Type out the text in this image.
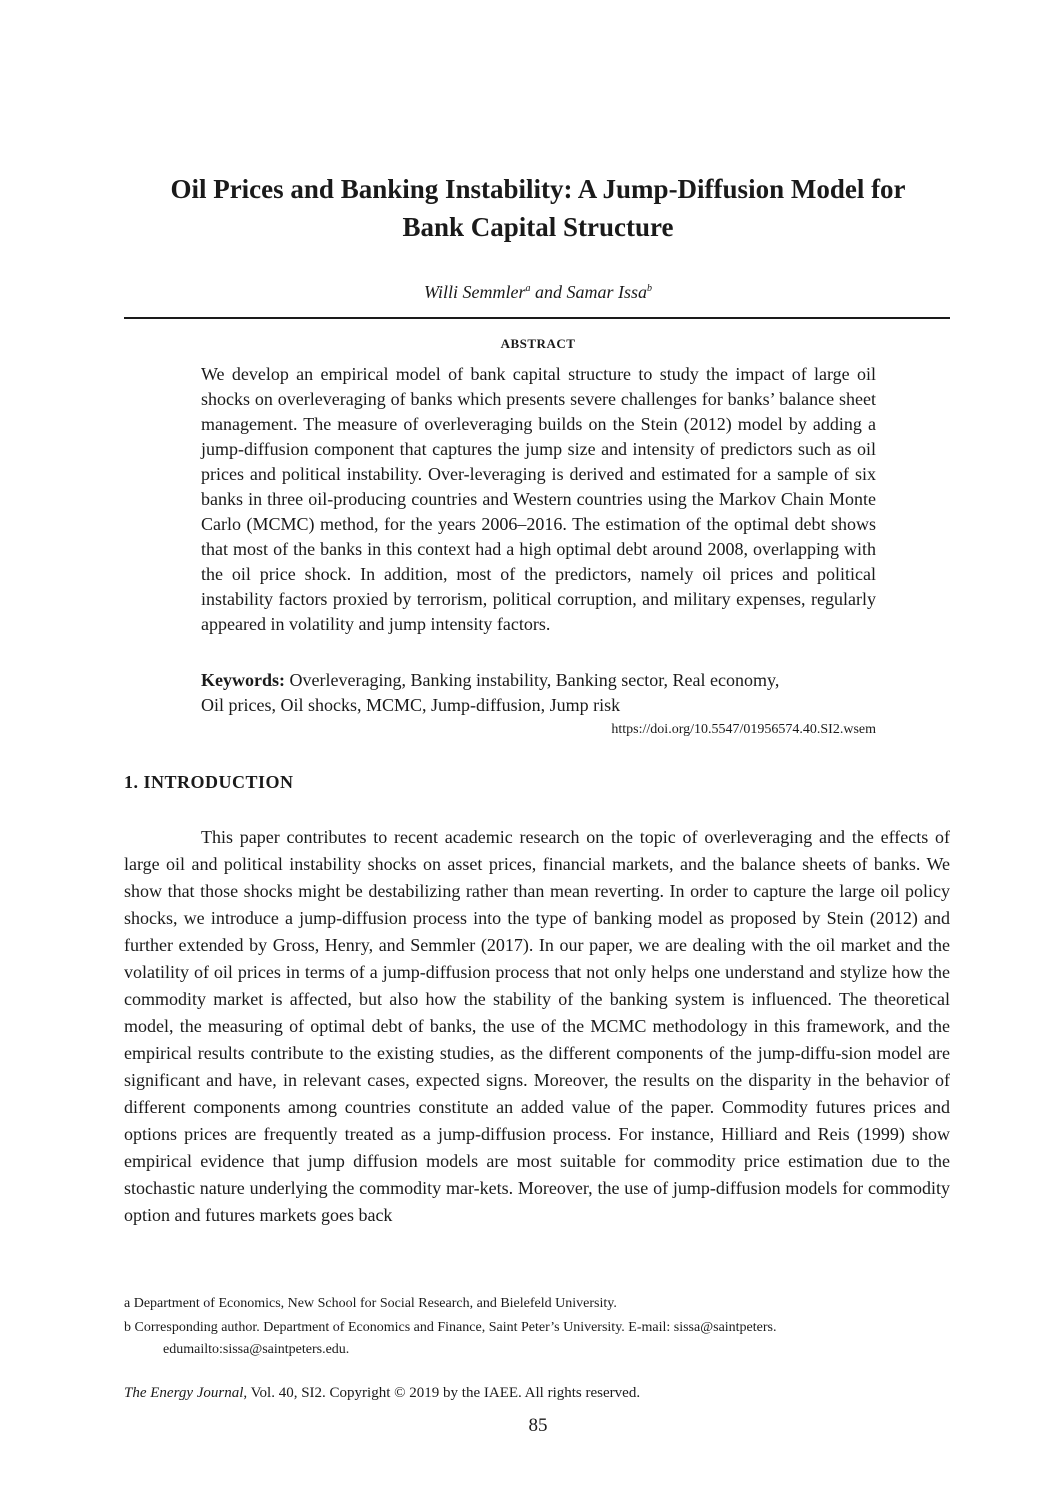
Oil Prices and Banking Instability: A Jump-Diffusion Model for
Bank Capital Structure
Willi Semmler$^a$ and Samar Issa$^b$
ABSTRACT

We develop an empirical model of bank capital structure to study the impact of large oil shocks on overleveraging of banks which presents severe challenges for banks’ balance sheet management. The measure of overleveraging builds on the Stein (2012) model by adding a jump-diffusion component that captures the jump size and intensity of predictors such as oil prices and political instability. Over-leveraging is derived and estimated for a sample of six banks in three oil-producing countries and Western countries using the Markov Chain Monte Carlo (MCMC) method, for the years 2006–2016. The estimation of the optimal debt shows that most of the banks in this context had a high optimal debt around 2008, overlapping with the oil price shock. In addition, most of the predictors, namely oil prices and political instability factors proxied by terrorism, political corruption, and military expenses, regularly appeared in volatility and jump intensity factors.

Keywords: Overleveraging, Banking instability, Banking sector, Real economy,
Oil prices, Oil shocks, MCMC, Jump-diffusion, Jump risk

https://doi.org/10.5547/01956574.40.SI2.wsem
1. INTRODUCTION

This paper contributes to recent academic research on the topic of overleveraging and the effects of large oil and political instability shocks on asset prices, financial markets, and the balance sheets of banks. We show that those shocks might be destabilizing rather than mean reverting. In order to capture the large oil policy shocks, we introduce a jump-diffusion process into the type of banking model as proposed by Stein (2012) and further extended by Gross, Henry, and Semmler (2017). In our paper, we are dealing with the oil market and the volatility of oil prices in terms of a jump-diffusion process that not only helps one understand and stylize how the commodity market is affected, but also how the stability of the banking system is influenced. The theoretical model, the measuring of optimal debt of banks, the use of the MCMC methodology in this framework, and the empirical results contribute to the existing studies, as the different components of the jump-diffu-sion model are significant and have, in relevant cases, expected signs. Moreover, the results on the disparity in the behavior of different components among countries constitute an added value of the paper. Commodity futures prices and options prices are frequently treated as a jump-diffusion process. For instance, Hilliard and Reis (1999) show empirical evidence that jump diffusion models are most suitable for commodity price estimation due to the stochastic nature underlying the commodity mar-kets. Moreover, the use of jump-diffusion models for commodity option and futures markets goes back

a Department of Economics, New School for Social Research, and Bielefeld University.

b Corresponding author. Department of Economics and Finance, Saint Peter’s University. E-mail: sissa@saintpeters.

edumailto:sissa@saintpeters.edu.

The Energy Journal, Vol. 40, SI2. Copyright © 2019 by the IAEE. All rights reserved.
85
